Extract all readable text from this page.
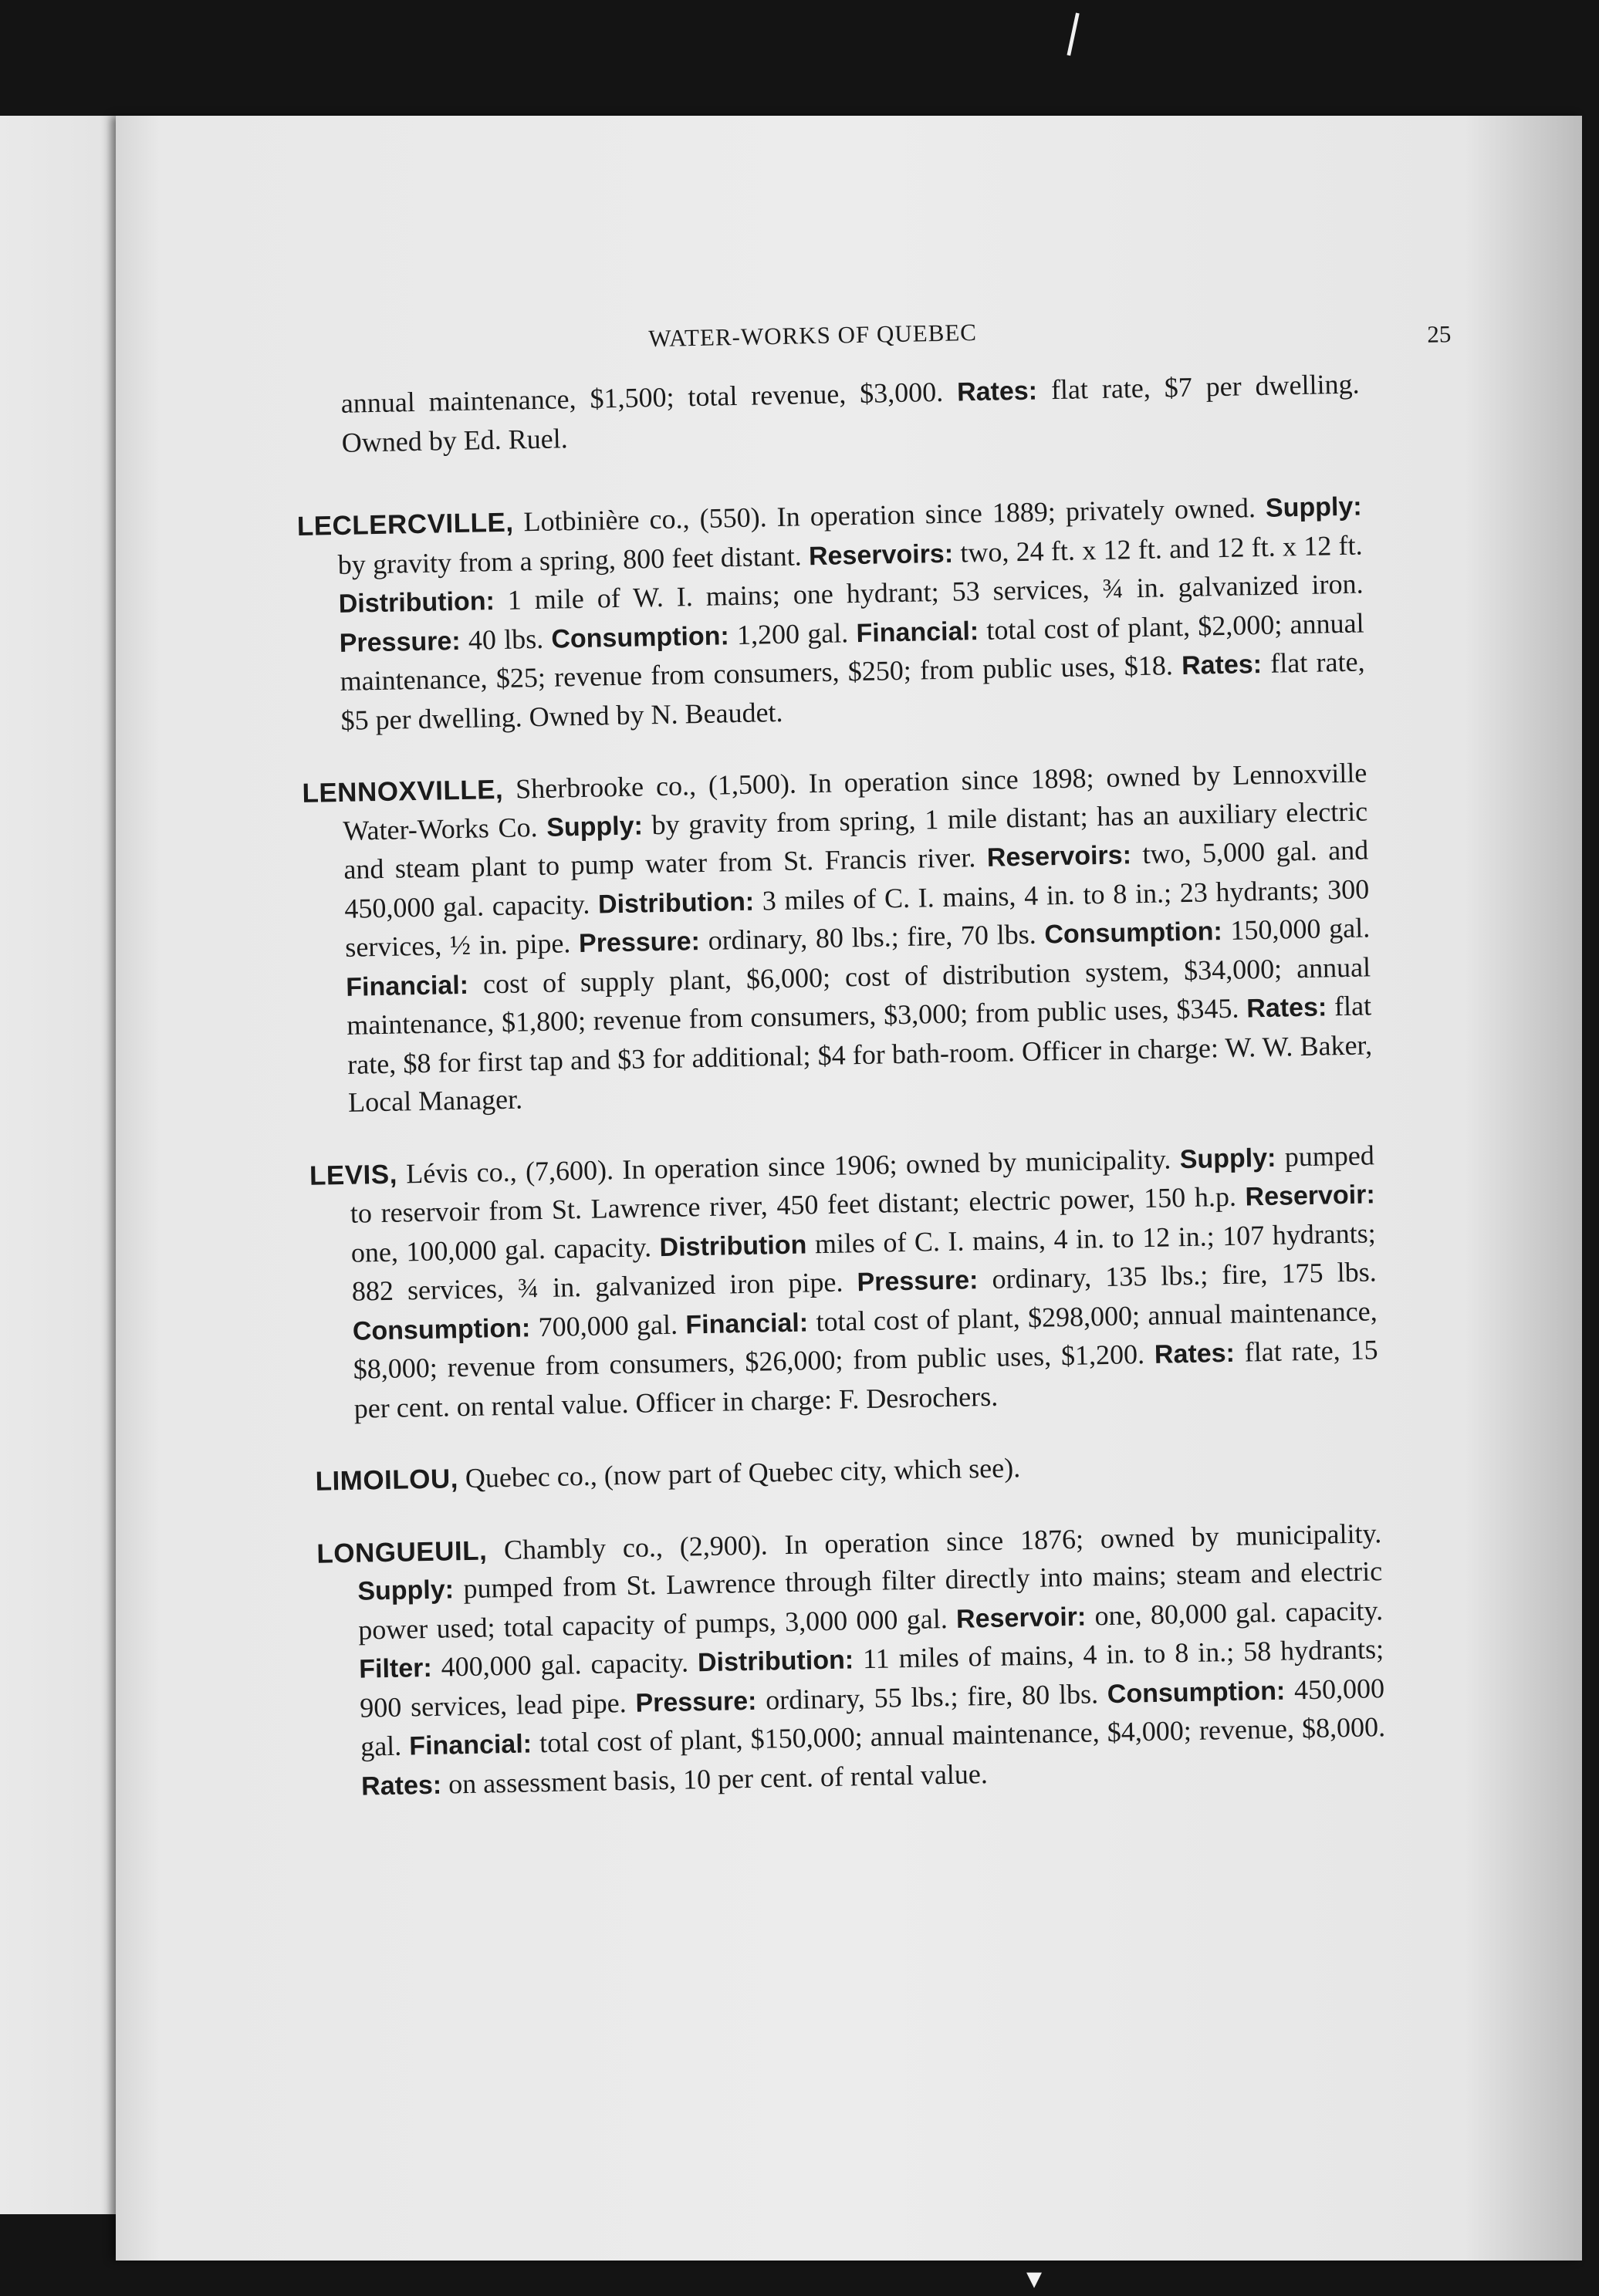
❘
▾
WATER-WORKS OF QUEBEC	25

annual maintenance, $1,500; total revenue, $3,000. Rates: flat rate, $7 per dwelling. Owned by Ed. Ruel.

LECLERCVILLE, Lotbinière co., (550). In operation since 1889; privately owned. Supply: by gravity from a spring, 800 feet distant. Reservoirs: two, 24 ft. x 12 ft. and 12 ft. x 12 ft. Distribution: 1 mile of W. I. mains; one hydrant; 53 services, ¾ in. galvanized iron. Pressure: 40 lbs. Consumption: 1,200 gal. Financial: total cost of plant, $2,000; annual maintenance, $25; revenue from consumers, $250; from public uses, $18. Rates: flat rate, $5 per dwelling. Owned by N. Beaudet.

LENNOXVILLE, Sherbrooke co., (1,500). In operation since 1898; owned by Lennoxville Water-Works Co. Supply: by gravity from spring, 1 mile distant; has an auxiliary electric and steam plant to pump water from St. Francis river. Reservoirs: two, 5,000 gal. and 450,000 gal. capacity. Distribution: 3 miles of C. I. mains, 4 in. to 8 in.; 23 hydrants; 300 services, ½ in. pipe. Pressure: ordinary, 80 lbs.; fire, 70 lbs. Consumption: 150,000 gal. Financial: cost of supply plant, $6,000; cost of distribution system, $34,000; annual maintenance, $1,800; revenue from consumers, $3,000; from public uses, $345. Rates: flat rate, $8 for first tap and $3 for additional; $4 for bath-room. Officer in charge: W. W. Baker, Local Manager.

LEVIS, Lévis co., (7,600). In operation since 1906; owned by municipality. Supply: pumped to reservoir from St. Lawrence river, 450 feet distant; electric power, 150 h.p. Reservoir: one, 100,000 gal. capacity. Distribution miles of C. I. mains, 4 in. to 12 in.; 107 hydrants; 882 services, ¾ in. galvanized iron pipe. Pressure: ordinary, 135 lbs.; fire, 175 lbs. Consumption: 700,000 gal. Financial: total cost of plant, $298,000; annual maintenance, $8,000; revenue from consumers, $26,000; from public uses, $1,200. Rates: flat rate, 15 per cent. on rental value. Officer in charge: F. Desrochers.

LIMOILOU, Quebec co., (now part of Quebec city, which see).

LONGUEUIL, Chambly co., (2,900). In operation since 1876; owned by municipality. Supply: pumped from St. Lawrence through filter directly into mains; steam and electric power used; total capacity of pumps, 3,000 000 gal. Reservoir: one, 80,000 gal. capacity. Filter: 400,000 gal. capacity. Distribution: 11 miles of mains, 4 in. to 8 in.; 58 hydrants; 900 services, lead pipe. Pressure: ordinary, 55 lbs.; fire, 80 lbs. Consumption: 450,000 gal. Financial: total cost of plant, $150,000; annual maintenance, $4,000; revenue, $8,000. Rates: on assessment basis, 10 per cent. of rental value.
